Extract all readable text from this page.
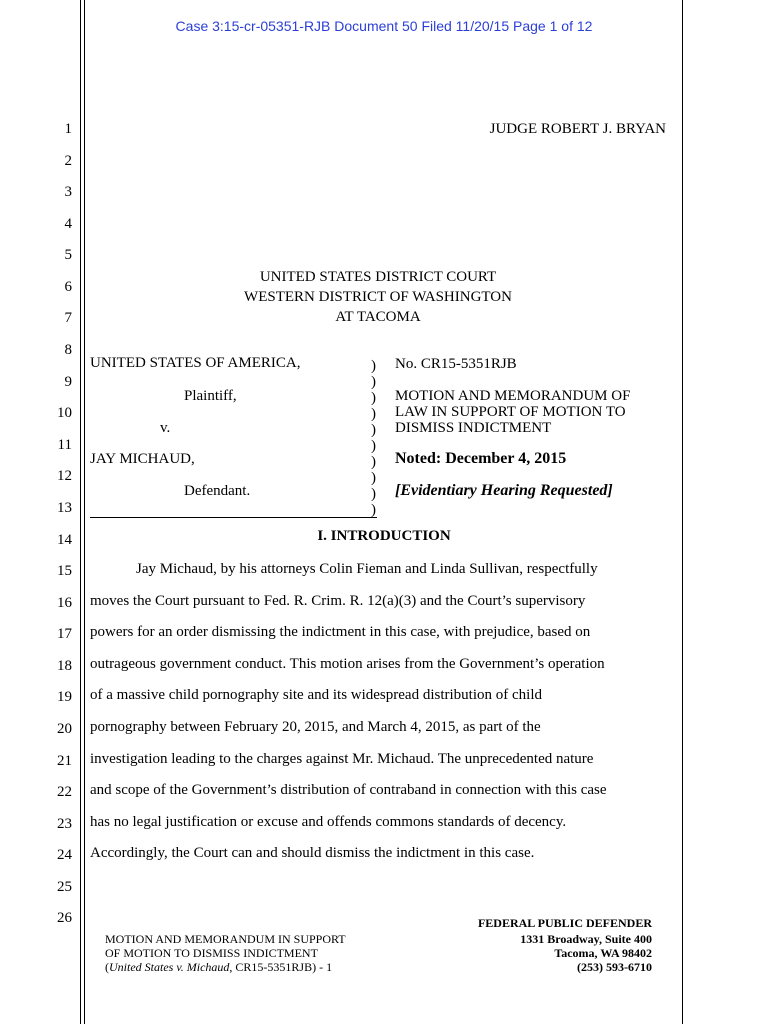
Case 3:15-cr-05351-RJB Document 50 Filed 11/20/15 Page 1 of 12
JUDGE ROBERT J. BRYAN
1
2
3
4
5
6
7
8
9
10
11
12
13
14
15
16
17
18
19
20
21
22
23
24
25
26
UNITED STATES DISTRICT COURT
WESTERN DISTRICT OF WASHINGTON
AT TACOMA
UNITED STATES OF AMERICA,
Plaintiff,
v.
JAY MICHAUD,
Defendant.
)
)
)
)
)
)
)
)
)
)
No. CR15-5351RJB
MOTION AND MEMORANDUM OF
LAW IN SUPPORT OF MOTION TO
DISMISS INDICTMENT
Noted: December 4, 2015
[Evidentiary Hearing Requested]
I. INTRODUCTION
Jay Michaud, by his attorneys Colin Fieman and Linda Sullivan, respectfully
moves the Court pursuant to Fed. R. Crim. R. 12(a)(3) and the Court’s supervisory
powers for an order dismissing the indictment in this case, with prejudice, based on
outrageous government conduct. This motion arises from the Government’s operation
of a massive child pornography site and its widespread distribution of child
pornography between February 20, 2015, and March 4, 2015, as part of the
investigation leading to the charges against Mr. Michaud. The unprecedented nature
and scope of the Government’s distribution of contraband in connection with this case
has no legal justification or excuse and offends commons standards of decency.
Accordingly, the Court can and should dismiss the indictment in this case.
MOTION AND MEMORANDUM IN SUPPORT
OF MOTION TO DISMISS INDICTMENT
(United States v. Michaud, CR15-5351RJB) - 1
FEDERAL PUBLIC DEFENDER
1331 Broadway, Suite 400
Tacoma, WA 98402
(253) 593-6710
